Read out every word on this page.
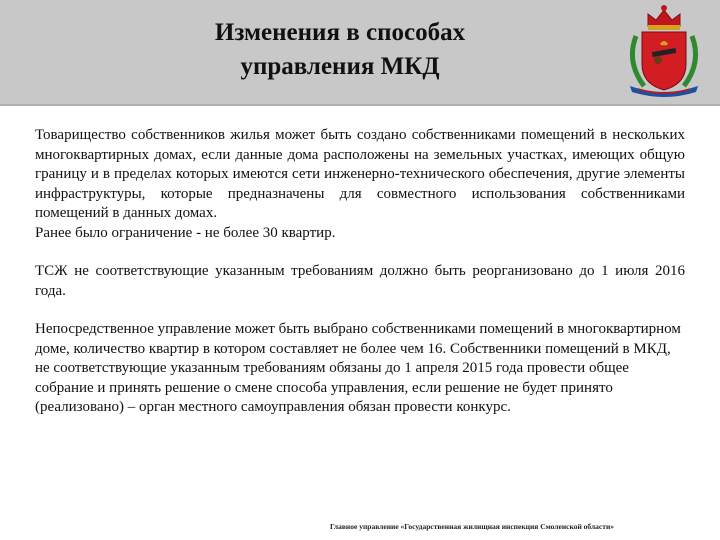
Изменения в способах
управления МКД

Товарищество собственников жилья может быть создано собственниками помещений в нескольких многоквартирных домах, если данные дома расположены на земельных участках, имеющих общую границу и в пределах которых имеются сети инженерно-технического обеспечения, другие элементы инфраструктуры, которые предназначены для совместного использования собственниками помещений в данных домах.

Ранее было ограничение - не более 30 квартир.

ТСЖ не соответствующие указанным требованиям должно быть реорганизовано до 1 июля 2016 года.

Непосредственное управление может быть выбрано собственниками помещений в многоквартирном доме, количество квартир в котором составляет не более чем 16. Собственники помещений в МКД, не соответствующие указанным требованиям обязаны до 1 апреля 2015 года провести общее собрание и принять решение о смене способа управления, если решение не будет принято (реализовано) – орган местного самоуправления обязан провести конкурс.

Главное управление «Государственная жилищная инспекция Смоленской области»
